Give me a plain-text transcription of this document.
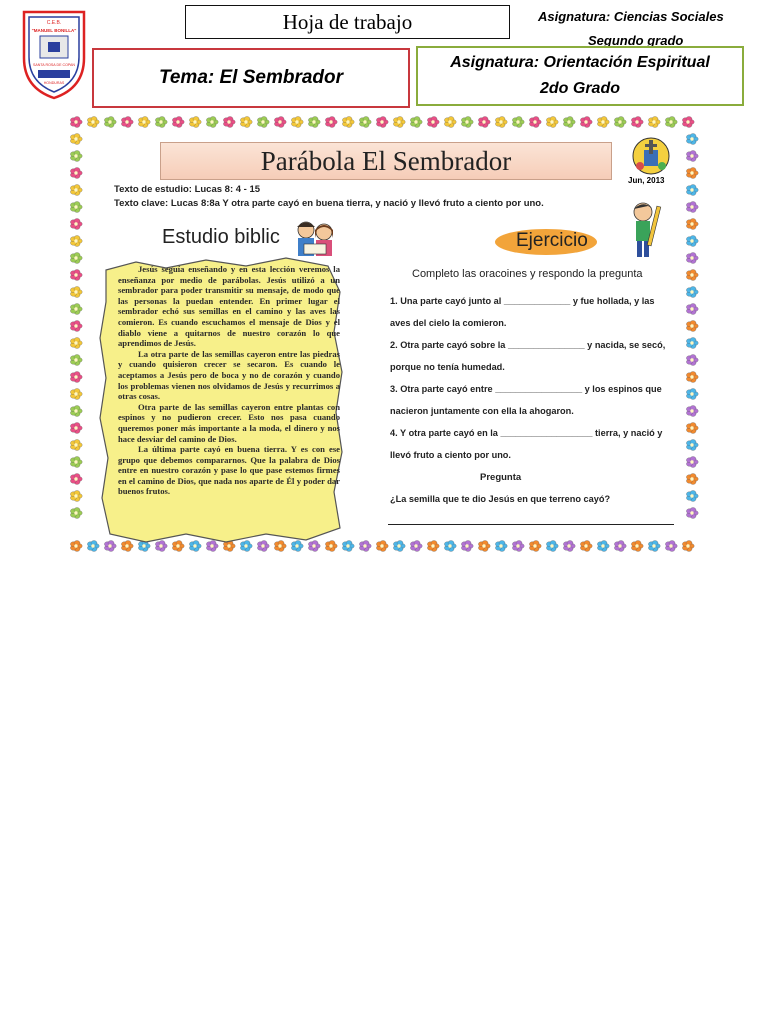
C.E.B.
"MANUEL BONILLA"
SANTA ROSA DE COPAN
HONDURAS
Hoja de trabajo	Asignatura: Ciencias Sociales
Segundo grado
Tema: El Sembrador
Asignatura: Orientación Espiritual
2do Grado
Parábola El Sembrador
Jun, 2013
Texto de estudio: Lucas 8: 4 - 15
Texto clave: Lucas 8:8a Y otra parte cayó en buena tierra, y nació y llevó fruto a ciento por uno.
Estudio biblic

Jesús seguía enseñando y en esta lección veremos la enseñanza por medio de parábolas. Jesús utilizó a un sembrador para poder transmitir su mensaje, de modo que las personas la puedan entender. En primer lugar el sembrador echó sus semillas en el camino y las aves las comieron. Es cuando escuchamos el mensaje de Dios y el diablo viene a quitarnos de nuestro corazón lo que aprendimos de Jesús.

La otra parte de las semillas cayeron entre las piedras y cuando quisieron crecer se secaron. Es cuando le aceptamos a Jesús pero de boca y no de corazón y cuando los problemas vienen nos olvidamos de Jesús y recurrimos a otras cosas.

Otra parte de las semillas cayeron entre plantas con espinos y no pudieron crecer. Esto nos pasa cuando queremos poner más importante a la moda, el dinero y nos hace desviar del camino de Dios.

La última parte cayó en buena tierra. Y es con ese grupo que debemos compararnos. Que la palabra de Dios entre en nuestro corazón y pase lo que pase estemos firmes en el camino de Dios, que nada nos aparte de Él y poder dar buenos frutos.

Ejercicio
Completo las oracoines y respondo la pregunta
1. Una parte cayó junto al _____________ y fue hollada, y las
aves del cielo la comieron.
2. Otra parte cayó sobre la _______________ y nacida, se secó,
porque no tenía humedad.
3. Otra parte cayó entre _________________ y los espinos que
nacieron juntamente con ella la ahogaron.
4. Y otra parte cayó en la __________________ tierra, y nació y
llevó fruto a ciento por uno.
Pregunta
¿La semilla que te dio Jesús en que terreno cayó?
